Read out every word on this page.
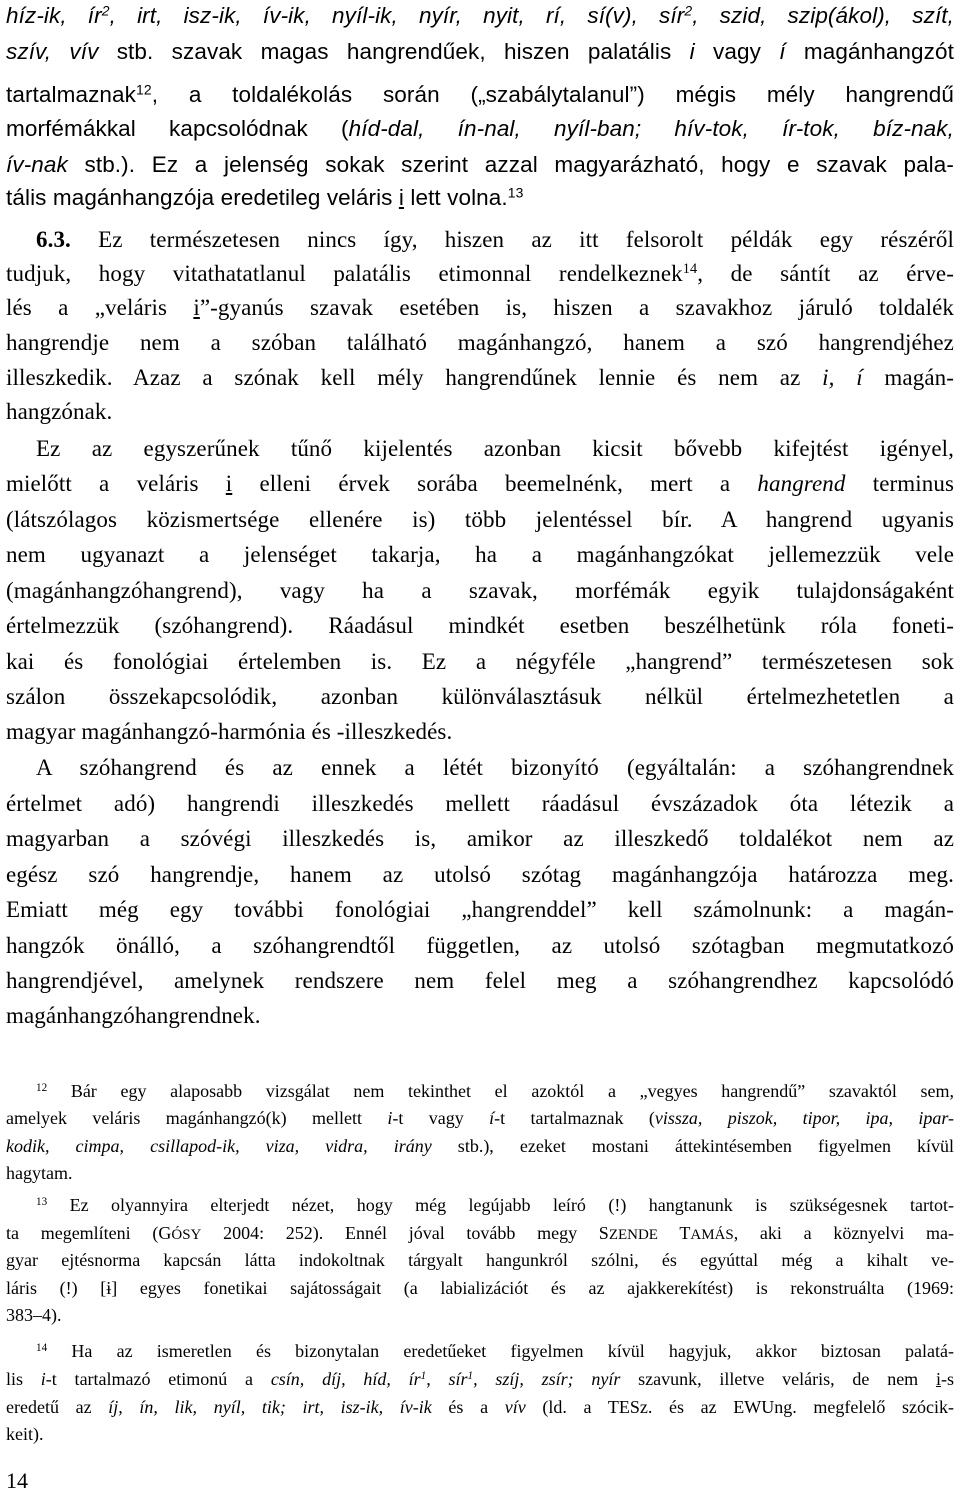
híz-ik, $ír^2$, irt, isz-ik, ív-ik, nyíl-ik, nyír, nyit, rí, sí(v), sír$^2$, szid, szip(ákol), szít,
szív, vív stb. szavak magas hangrendűek, hiszen palatális i vagy í magánhangzót
tartalmaznak$^{12}$, a toldalékolás során („szabálytalanul”) mégis mély hangrendű
morfémákkal kapcsolódnak (híd-dal, ín-nal, nyíl-ban; hív-tok, ír-tok, bíz-nak,
ív-nak stb.). Ez a jelenség sokak szerint azzal magyarázható, hogy e szavak pala-
tális magánhangzója eredetileg veláris i lett volna.$^{13}$
6.3. Ez természetesen nincs így, hiszen az itt felsorolt példák egy részéről
tudjuk, hogy vitathatatlanul palatális etimonnal rendelkeznek$^{14}$, de sántít az érve-
lés a „veláris i”-gyanús szavak esetében is, hiszen a szavakhoz járuló toldalék
hangrendje nem a szóban található magánhangzó, hanem a szó hangrendjéhez
illeszkedik. Azaz a szónak kell mély hangrendűnek lennie és nem az i, í magán-
hangzónak.
Ez az egyszerűnek tűnő kijelentés azonban kicsit bővebb kifejtést igényel,
mielőtt a veláris i elleni érvek sorába beemelnénk, mert a hangrend terminus
(látszólagos közismertsége ellenére is) több jelentéssel bír. A hangrend ugyanis
nem ugyanazt a jelenséget takarja, ha a magánhangzókat jellemezzük vele
(magánhangzóhangrend), vagy ha a szavak, morfémák egyik tulajdonságaként
értelmezzük (szóhangrend). Ráadásul mindkét esetben beszélhetünk róla foneti-
kai és fonológiai értelemben is. Ez a négyféle „hangrend” természetesen sok
szálon összekapcsolódik, azonban különválasztásuk nélkül értelmezhetetlen a
magyar magánhangzó-harmónia és -illeszkedés.
A szóhangrend és az ennek a létét bizonyító (egyáltalán: a szóhangrendnek
értelmet adó) hangrendi illeszkedés mellett ráadásul évszázadok óta létezik a
magyarban a szóvégi illeszkedés is, amikor az illeszkedő toldalékot nem az
egész szó hangrendje, hanem az utolsó szótag magánhangzója határozza meg.
Emiatt még egy további fonológiai „hangrenddel” kell számolnunk: a magán-
hangzók önálló, a szóhangrendtől független, az utolsó szótagban megmutatkozó
hangrendjével, amelynek rendszere nem felel meg a szóhangrendhez kapcsolódó
magánhangzóhangrendnek.
$^{12}$ Bár egy alaposabb vizsgálat nem tekinthet el azoktól a „vegyes hangrendű” szavaktól sem,
amelyek veláris magánhangzó(k) mellett i-t vagy í-t tartalmaznak (vissza, piszok, tipor, ipa, ipar-
kodik, cimpa, csillapod-ik, viza, vidra, irány stb.), ezeket mostani áttekintésemben figyelmen kívül
hagytam.
$^{13}$ Ez olyannyira elterjedt nézet, hogy még legújabb leíró (!) hangtanunk is szükségesnek tartot-
ta megemlíteni (GÓSY 2004: 252). Ennél jóval tovább megy SZENDE TAMÁS, aki a köznyelvi ma-
gyar ejtésnorma kapcsán látta indokoltnak tárgyalt hangunkról szólni, és egyúttal még a kihalt ve-
láris (!) [ɨ] egyes fonetikai sajátosságait (a labializációt és az ajakkerekítést) is rekonstruálta (1969:
383–4).
$^{14}$ Ha az ismeretlen és bizonytalan eredetűeket figyelmen kívül hagyjuk, akkor biztosan palatá-
lis i-t tartalmazó etimonú a csín, díj, híd, $ír^1$, sír$^1$, szíj, zsír; nyír szavunk, illetve veláris, de nem i-s
eredetű az íj, ín, lik, nyíl, tik; irt, isz-ik, ív-ik és a vív (ld. a TESz. és az EWUng. megfelelő szócik-
keit).
14
